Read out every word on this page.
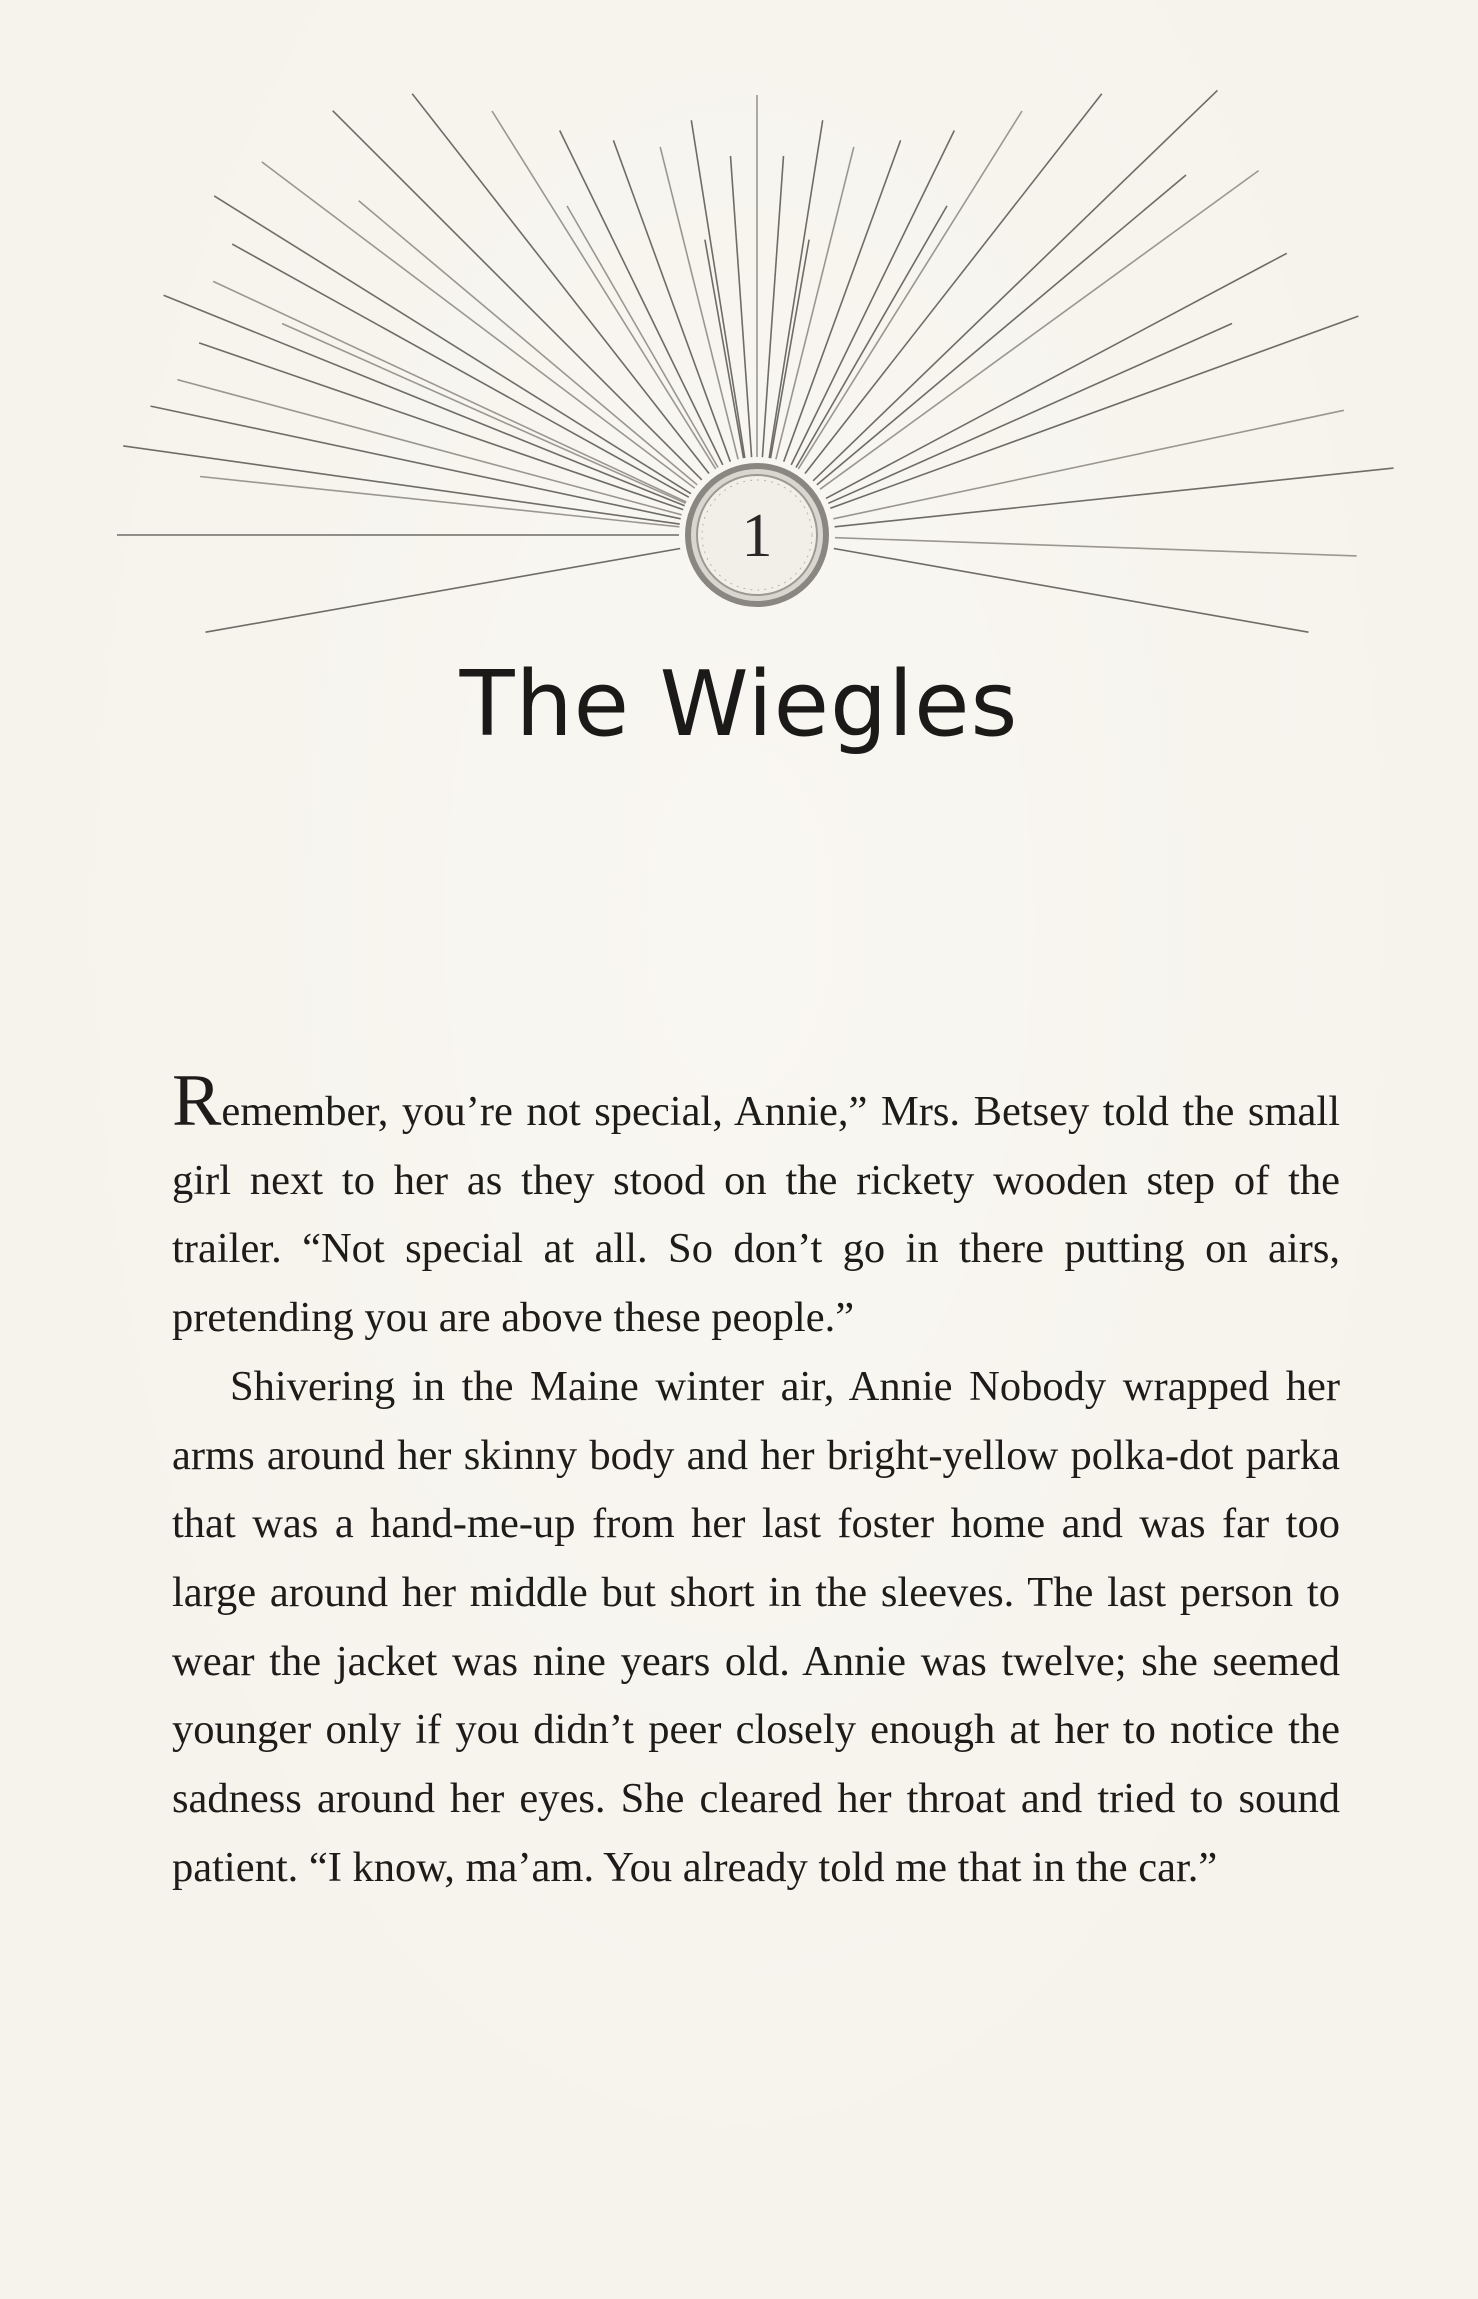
1
The Wiegles

Remember, you’re not special, Annie,” Mrs. Betsey told the small girl next to her as they stood on the rickety wooden step of the trailer. “Not special at all. So don’t go in there putting on airs, pretending you are above these people.”

Shivering in the Maine winter air, Annie Nobody wrapped her arms around her skinny body and her bright-yellow polka-dot parka that was a hand-me-up from her last foster home and was far too large around her middle but short in the sleeves. The last person to wear the jacket was nine years old. Annie was twelve; she seemed younger only if you didn’t peer closely enough at her to notice the sadness around her eyes. She cleared her throat and tried to sound patient. “I know, ma’am. You already told me that in the car.”
